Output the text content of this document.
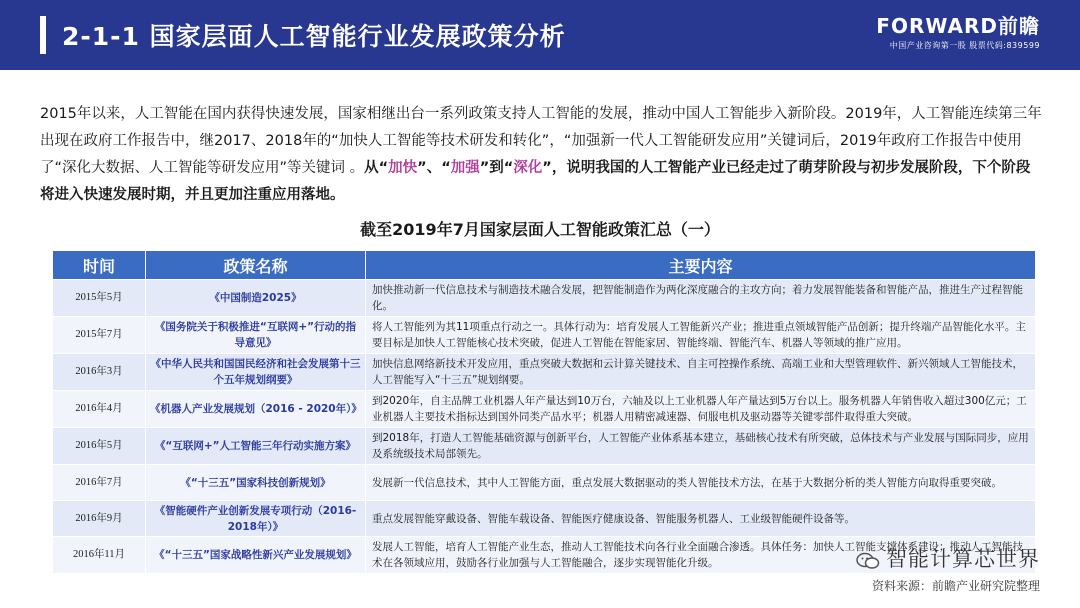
2-1-1 国家层面人工智能行业发展政策分析	FORWARD前瞻
中国产业咨询第一股 股票代码:839599
2015年以来，人工智能在国内获得快速发展，国家相继出台一系列政策支持人工智能的发展，推动中国人工智能步入新阶段。2019年，人工智能连续第三年出现在政府工作报告中，继2017、2018年的“加快人工智能等技术研发和转化”，“加强新一代人工智能研发应用”关键词后，2019年政府工作报告中使用了“深化大数据、人工智能等研发应用”等关键词 。从“加快”、“加强”到“深化”，说明我国的人工智能产业已经走过了萌芽阶段与初步发展阶段，下个阶段将进入快速发展时期，并且更加注重应用落地。
截至2019年7月国家层面人工智能政策汇总（一）
时间	政策名称	主要内容
2015年5月	《中国制造2025》	加快推动新一代信息技术与制造技术融合发展，把智能制造作为两化深度融合的主攻方向；着力发展智能装备和智能产品，推进生产过程智能化。
2015年7月	《国务院关于积极推进“互联网+”行动的指导意见》	将人工智能列为其11项重点行动之一。具体行动为：培育发展人工智能新兴产业；推进重点领域智能产品创新；提升终端产品智能化水平。主要目标是加快人工智能核心技术突破，促进人工智能在智能家居、智能终端、智能汽车、机器人等领域的推广应用。
2016年3月	《中华人民共和国国民经济和社会发展第十三个五年规划纲要》	加快信息网络新技术开发应用，重点突破大数据和云计算关键技术、自主可控操作系统、高端工业和大型管理软件、新兴领域人工智能技术，人工智能写入“十三五”规划纲要。
2016年4月	《机器人产业发展规划（2016 - 2020年）》	到2020年，自主品牌工业机器人年产量达到10万台，六轴及以上工业机器人年产量达到5万台以上。服务机器人年销售收入超过300亿元；工业机器人主要技术指标达到国外同类产品水平；机器人用精密减速器、伺服电机及驱动器等关键零部件取得重大突破。
2016年5月	《“互联网+”人工智能三年行动实施方案》	到2018年，打造人工智能基础资源与创新平台，人工智能产业体系基本建立，基础核心技术有所突破，总体技术与产业发展与国际同步，应用及系统级技术局部领先。
2016年7月	《“十三五”国家科技创新规划》	发展新一代信息技术，其中人工智能方面，重点发展大数据驱动的类人智能技术方法，在基于大数据分析的类人智能方向取得重要突破。
2016年9月	《智能硬件产业创新发展专项行动（2016-2018年）》	重点发展智能穿戴设备、智能车载设备、智能医疗健康设备、智能服务机器人、工业级智能硬件设备等。
2016年11月	《“十三五”国家战略性新兴产业发展规划》	发展人工智能，培育人工智能产业生态，推动人工智能技术向各行业全面融合渗透。具体任务：加快人工智能支撑体系建设；推动人工智能技术在各领域应用，鼓励各行业加强与人工智能融合，逐步实现智能化升级。	智能计算芯世界
资料来源：前瞻产业研究院整理
